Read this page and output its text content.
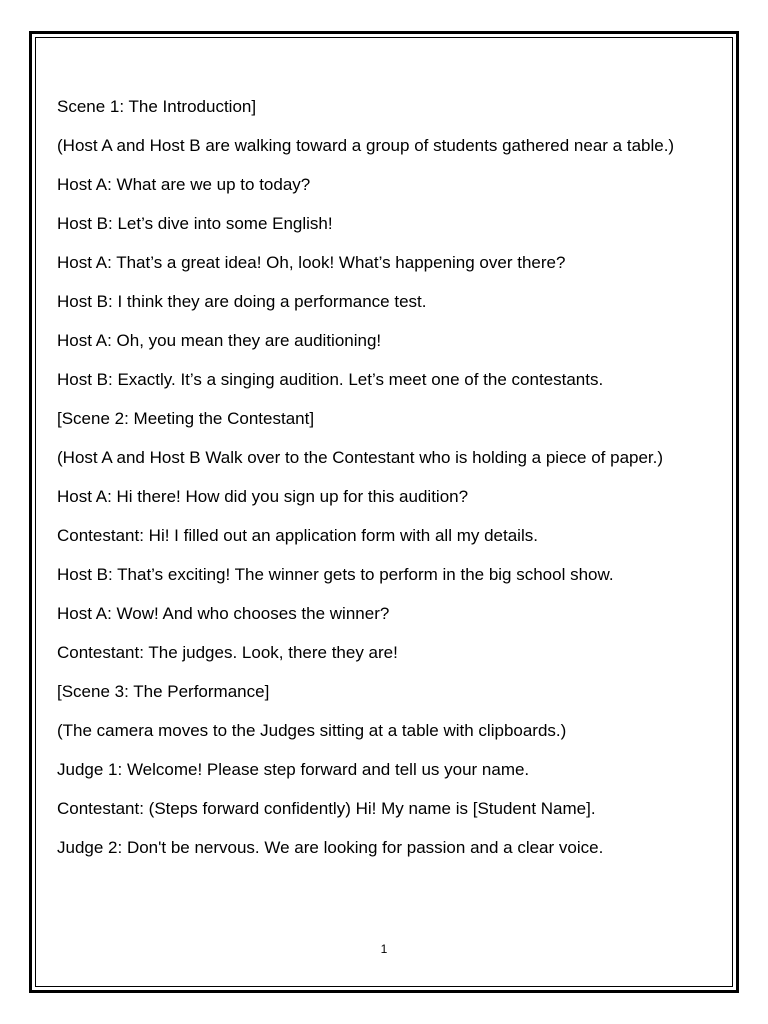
Scene 1: The Introduction]

(Host A and Host B are walking toward a group of students gathered near a table.)

Host A: What are we up to today?

Host B: Let’s dive into some English!

Host A: That’s a great idea! Oh, look! What’s happening over there?

Host B: I think they are doing a performance test.

Host A: Oh, you mean they are auditioning!

Host B: Exactly. It’s a singing audition. Let’s meet one of the contestants.

[Scene 2: Meeting the Contestant]

(Host A and Host B Walk over to the Contestant who is holding a piece of paper.)

Host A: Hi there! How did you sign up for this audition?

Contestant: Hi! I filled out an application form with all my details.

Host B: That’s exciting! The winner gets to perform in the big school show.

Host A: Wow! And who chooses the winner?

Contestant: The judges. Look, there they are!

[Scene 3: The Performance]

(The camera moves to the Judges sitting at a table with clipboards.)

Judge 1: Welcome! Please step forward and tell us your name.

Contestant: (Steps forward confidently) Hi! My name is [Student Name].

Judge 2: Don't be nervous. We are looking for passion and a clear voice.

1
